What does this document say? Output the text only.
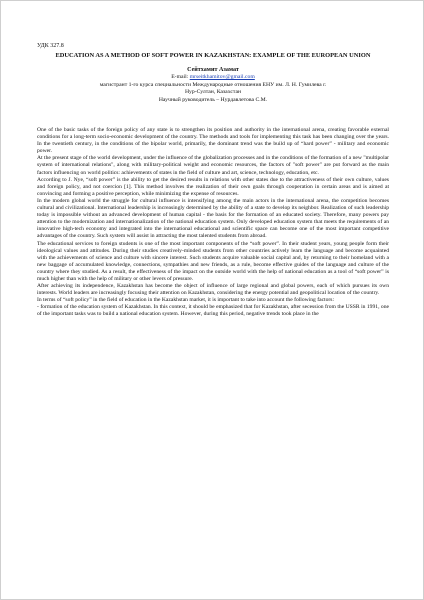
УДК 327.8

EDUCATION AS A METHOD OF SOFT POWER IN KAZAKHSTAN: EXAMPLE OF THE EUROPEAN UNION

Сейтхамит Азамат

E-mail: mrseitkhamitov@gmail.com

магистрант 1-го курса специальности Международные отношения ЕНУ им. Л. Н. Гумилева г.

Нур-Султан, Казахстан

Научный руководитель – Нурдавлетова С.М.

One of the basic tasks of the foreign policy of any state is to strengthen its position and authority in the international arena, creating favorable external conditions for a long-term socio-economic development of the country. The methods and tools for implementing this task has been changing over the years. In the twentieth century, in the conditions of the bipolar world, primarily, the dominant trend was the build up of “hard power” - military and economic power.

At the present stage of the world development, under the influence of the globalization processes and in the conditions of the formation of a new "multipolar system of international relations", along with military-political weight and economic resources, the factors of "soft power" are put forward as the main factors influencing on world politics: achievements of states in the field of culture and art, science, technology, education, etc.

According to J. Nye, “soft power” is the ability to get the desired results in relations with other states due to the attractiveness of their own culture, values and foreign policy, and not coercion [1]. This method involves the realization of their own goals through cooperation in certain areas and is aimed at convincing and forming a positive perception, while minimizing the expense of resources.

In the modern global world the struggle for cultural influence is intensifying among the main actors in the international arena, the competition becomes cultural and civilizational. International leadership is increasingly determined by the ability of a state to develop its neighbor. Realization of such leadership today is impossible without an advanced development of human capital - the basis for the formation of an educated society. Therefore, many powers pay attention to the modernization and internationalization of the national education system. Only developed education system that meets the requirements of an innovative high-tech economy and integrated into the international educational and scientific space can become one of the most important competitive advantages of the country. Such system will assist in attracting the most talented students from abroad.

The educational services to foreign students is one of the most important components of the “soft power”. In their student years, young people form their ideological values and attitudes. During their studies creatively-minded students from other countries actively learn the language and become acquainted with the achievements of science and culture with sincere interest. Such students acquire valuable social capital and, by returning to their homeland with a new baggage of accumulated knowledge, connections, sympathies and new friends, as a rule, become effective guides of the language and culture of the country where they studied. As a result, the effectiveness of the impact on the outside world with the help of national education as a tool of “soft power” is much higher than with the help of military or other levers of pressure.

After achieving its independence, Kazakhstan has become the object of influence of large regional and global powers, each of which pursues its own interests. World leaders are increasingly focusing their attention on Kazakhstan, considering the energy potential and geopolitical location of the country.

In terms of “soft policy” in the field of education in the Kazakhstan market, it is important to take into account the following factors:

- formation of the education system of Kazakhstan. In this context, it should be emphasized that for Kazakhstan, after secession from the USSR in 1991, one of the important tasks was to build a national education system. However, during this period, negative trends took place in the
